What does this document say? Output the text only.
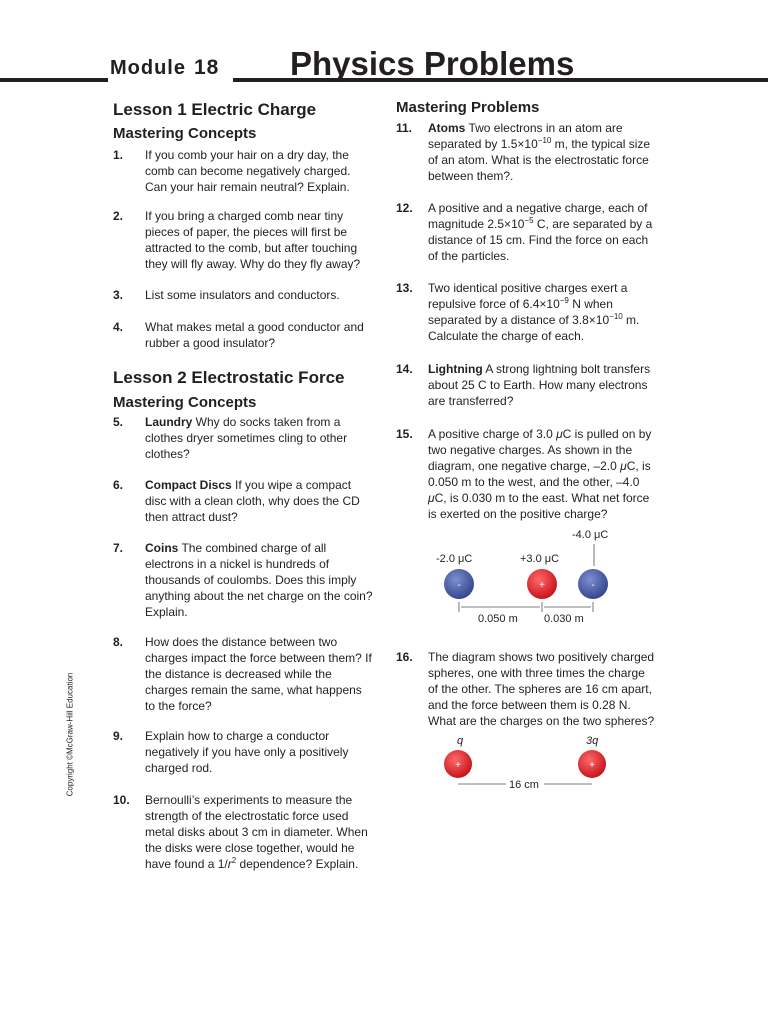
Module 18 Physics Problems
Lesson 1 Electric Charge
Mastering Concepts
1. If you comb your hair on a dry day, the comb can become negatively charged. Can your hair remain neutral? Explain.
2. If you bring a charged comb near tiny pieces of paper, the pieces will first be attracted to the comb, but after touching they will fly away. Why do they fly away?
3. List some insulators and conductors.
4. What makes metal a good conductor and rubber a good insulator?
Lesson 2 Electrostatic Force
Mastering Concepts
5. Laundry Why do socks taken from a clothes dryer sometimes cling to other clothes?
6. Compact Discs If you wipe a compact disc with a clean cloth, why does the CD then attract dust?
7. Coins The combined charge of all electrons in a nickel is hundreds of thousands of coulombs. Does this imply anything about the net charge on the coin? Explain.
8. How does the distance between two charges impact the force between them? If the distance is decreased while the charges remain the same, what happens to the force?
9. Explain how to charge a conductor negatively if you have only a positively charged rod.
10. Bernoulli’s experiments to measure the strength of the electrostatic force used metal disks about 3 cm in diameter. When the disks were close together, would he have found a $1/r^2$ dependence? Explain.
Mastering Problems
11. Atoms Two electrons in an atom are separated by $1.5\times 10^{-10}$ m, the typical size of an atom. What is the electrostatic force between them?.
12. A positive and a negative charge, each of magnitude $2.5\times 10^{-5}$ C, are separated by a distance of 15 cm. Find the force on each of the particles.
13. Two identical positive charges exert a repulsive force of $6.4\times 10^{-9}$ N when separated by a distance of $3.8\times 10^{-10}$ m. Calculate the charge of each.
14. Lightning A strong lightning bolt transfers about 25 C to Earth. How many electrons are transferred?
15. A positive charge of 3.0 μC is pulled on by two negative charges. As shown in the diagram, one negative charge, –2.0 μC, is 0.050 m to the west, and the other, –4.0 μC, is 0.030 m to the east. What net force is exerted on the positive charge?
-2.0 μC	+3.0 μC
-4.0 μC
-	+	-
0.050 m 0.030 m
16. The diagram shows two positively charged spheres, one with three times the charge of the other. The spheres are 16 cm apart, and the force between them is 0.28 N. What are the charges on the two spheres?
q	3q
+	+
16 cm
Copyright ©McGraw-Hill Education
